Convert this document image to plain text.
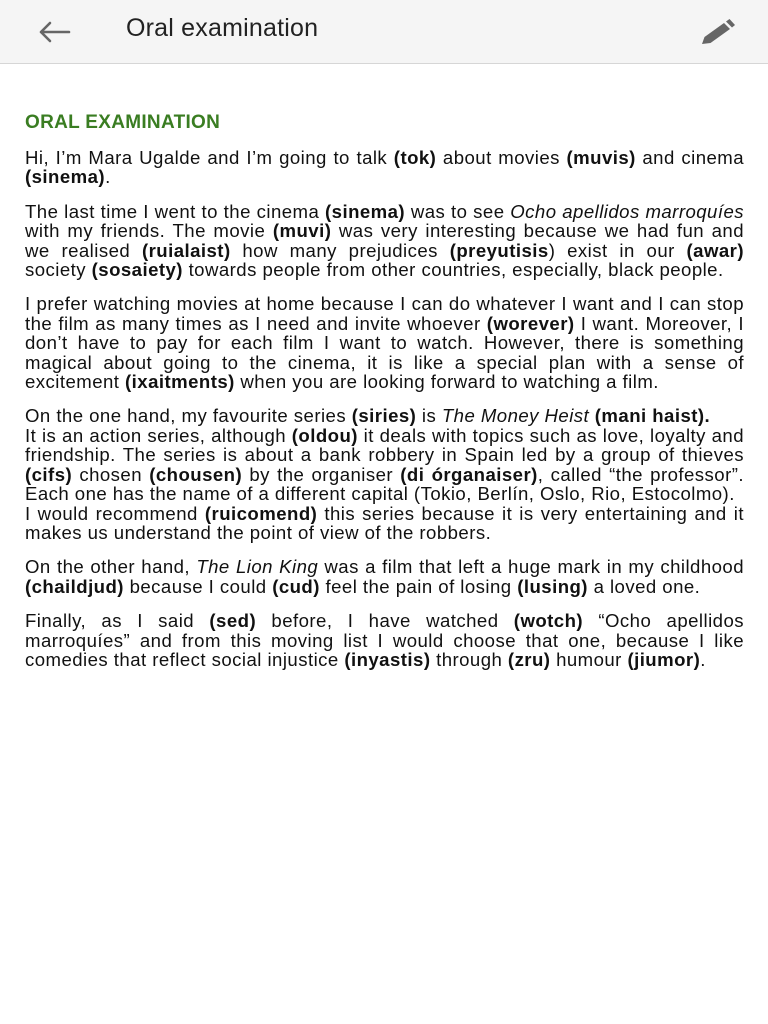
Oral examination
ORAL EXAMINATION

Hi, I’m Mara Ugalde and I’m going to talk (tok) about movies (muvis) and cinema (sinema).

The last time I went to the cinema (sinema) was to see Ocho apellidos marroquíes with my friends. The movie (muvi) was very interesting because we had fun and we realised (ruialaist) how many prejudices (preyutisis) exist in our (awar) society (sosaiety) towards people from other countries, especially, black people.

I prefer watching movies at home because I can do whatever I want and I can stop the film as many times as I need and invite whoever (worever) I want. Moreover, I don’t have to pay for each film I want to watch. However, there is something magical about going to the cinema, it is like a special plan with a sense of excitement (ixaitments) when you are looking forward to watching a film.

On the one hand, my favourite series (siries) is The Money Heist (mani haist).

It is an action series, although (oldou) it deals with topics such as love, loyalty and friendship. The series is about a bank robbery in Spain led by a group of thieves (cifs) chosen (chousen) by the organiser (di órganaiser), called “the professor”. Each one has the name of a different capital (Tokio, Berlín, Oslo, Rio, Estocolmo).

I would recommend (ruicomend) this series because it is very entertaining and it makes us understand the point of view of the robbers.

On the other hand, The Lion King was a film that left a huge mark in my childhood (chaildjud) because I could (cud) feel the pain of losing (lusing) a loved one.

Finally, as I said (sed) before, I have watched (wotch) “Ocho apellidos marroquíes” and from this moving list I would choose that one, because I like comedies that reflect social injustice (inyastis) through (zru) humour (jiumor).
